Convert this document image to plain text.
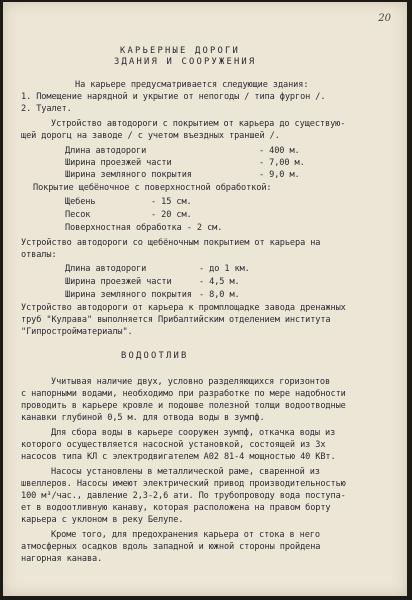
20
КАРЬЕРНЫЕ ДОРОГИ
ЗДАНИЯ И СООРУЖЕНИЯ
На карьере предусматривается следующие здания:
1. Помещение нарядной и укрытие от непогоды / типа фургон /.
2. Туалет.
Устройство автодороги с покрытием от карьера до существую-
щей дорогц на заводе / с учетом въездных траншей /.
Длина автодороги	- 400 м.
Ширина проезжей части	- 7,00 м.
Ширина земляного покрытия	- 9,0 м.
Покрытие щебёночное с поверхностной обработкой:
Щебень	- 15 см.
Песок	- 20 см.
Поверхностная обработка - 2 см.
Устройство автодороги со щебёночным покрытием от карьера на
отвалы:
Длина автодороги	- до 1 км.
Ширина проезжей части	- 4,5 м.
Ширина земляного покрытия - 8,0 м.
Устройство автодороги от карьера к промплощадке завода дренажных
труб "Кулрава" выполняется Прибалтийским отделением института
"Гипрострoйматериалы".
ВОДООТЛИВ
Учитывая наличие двух, условно разделяющихся горизонтов
с напорными водами, необходимо при разработке по мере надобности
проводить в карьере кровле и подошве полезной толщи водоотводные
канавки глубиной 0,5 м. для отвода воды в зумпф.
Для сбора воды в карьере сооружен зумпф, откачка воды из
которого осуществляется насосной установкой, состоящей из 3х
насосов типа КЛ с электродвигателем А02 81-4 мощностью 40 КВт.
Насосы установлены в металлической раме, сваренной из
швеллеров. Насосы имеют электрический привод производительностью
100 м³/час., давление 2,3-2,6 ати. По трубопроводу вода поступа-
ет в водоотливную канаву, которая расположена на правом борту
карьера с уклоном в реку Белупе.
Кроме того, для предохранения карьера от стока в него
атмосферных осадков вдоль западной и южной стороны пройдена
нагорная канава.
